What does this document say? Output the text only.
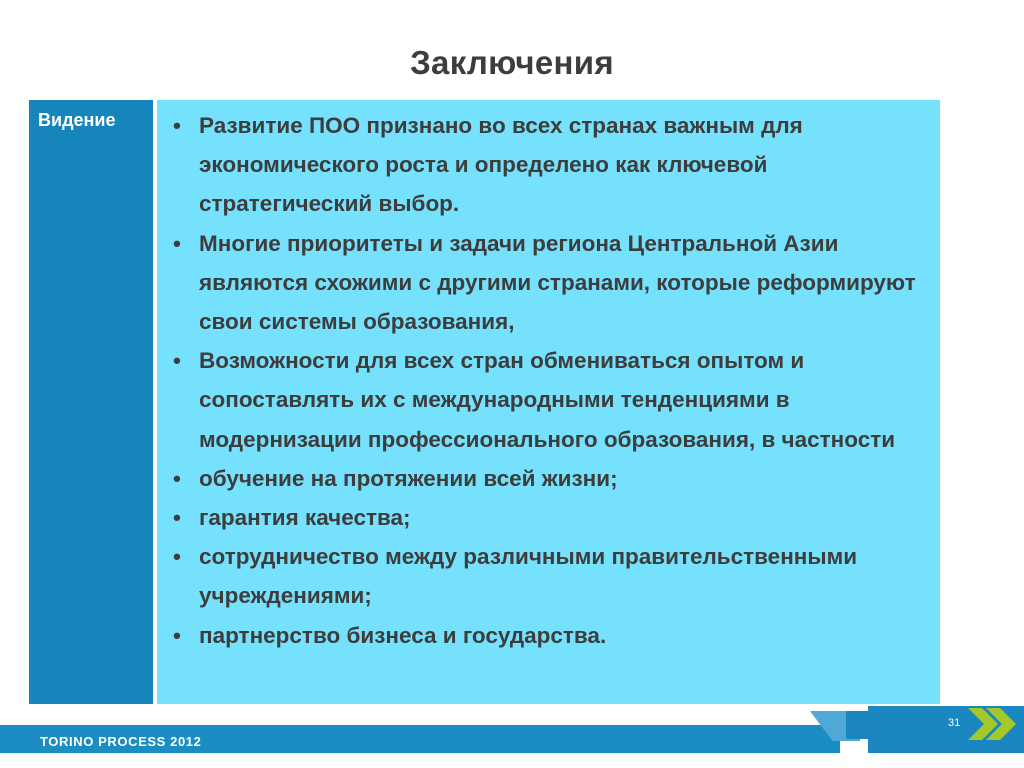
Заключения
Видение	• Развитие ПОО признано во всех странах важным для экономического роста и определено как ключевой стратегический выбор.
• Многие приоритеты и задачи региона Центральной Азии являются схожими с другими странами, которые реформируют свои системы образования,
• Возможности для всех стран обмениваться опытом и сопоставлять их с международными тенденциями в модернизации профессионального образования, в частности
• обучение на протяжении всей жизни;
• гарантия качества;
• сотрудничество между различными правительственными учреждениями;
• партнерство бизнеса и государства.
TORINO PROCESS 2012
31
